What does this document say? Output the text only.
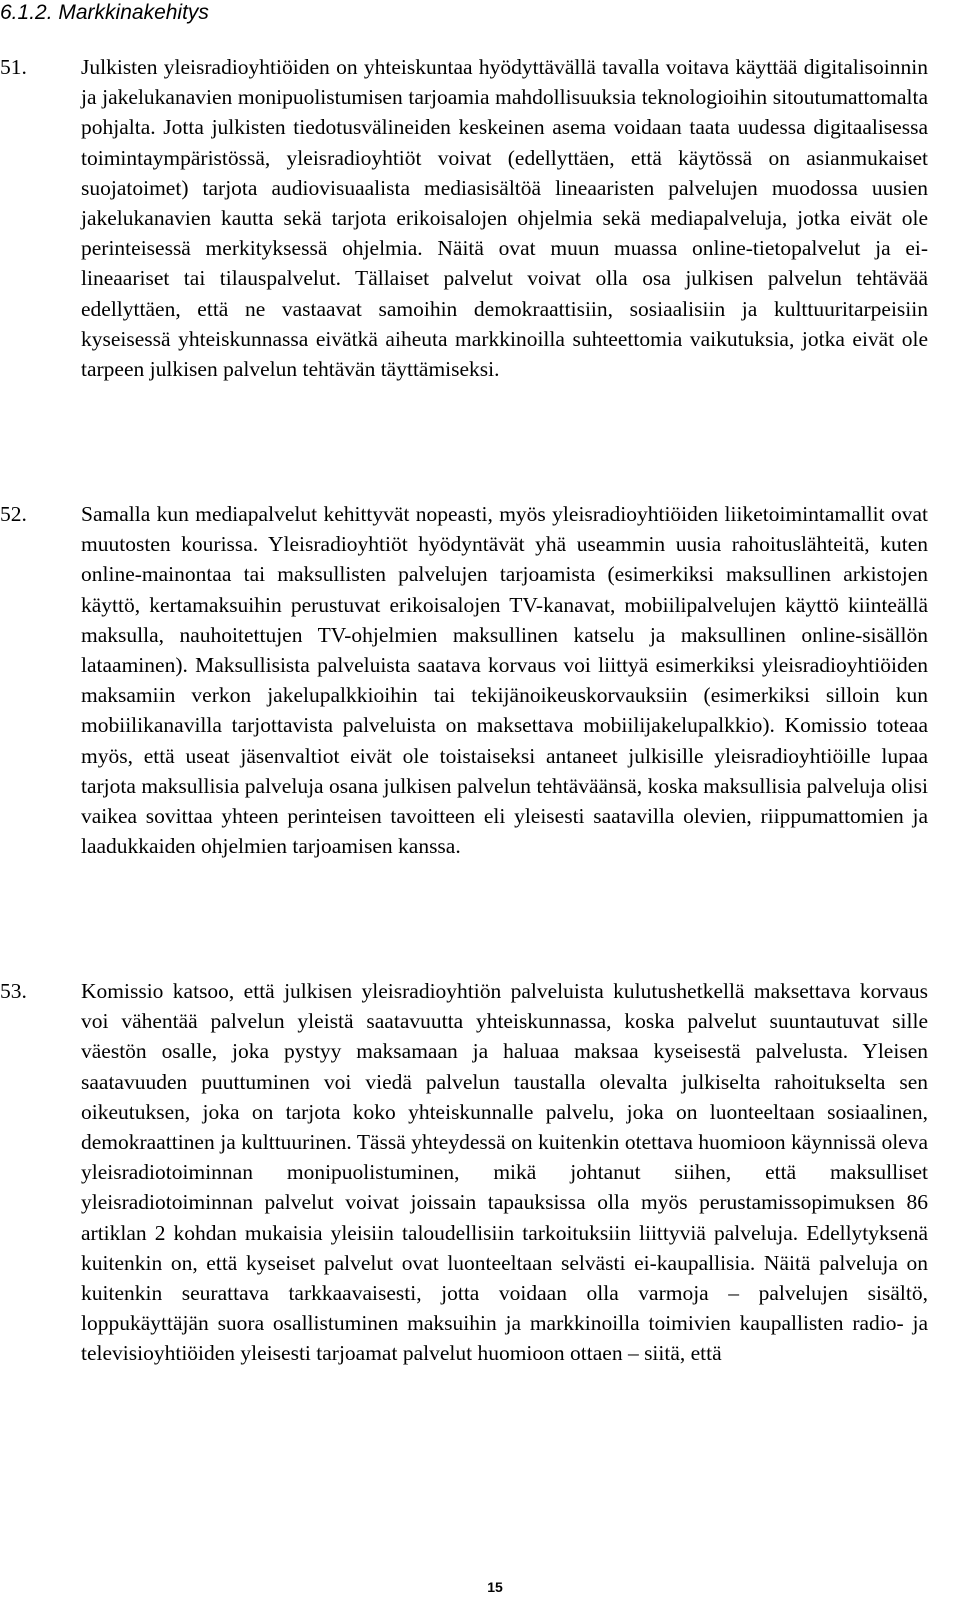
6.1.2. Markkinakehitys
51.	Julkisten yleisradioyhtiöiden on yhteiskuntaa hyödyttävällä tavalla voitava käyttää digitalisoinnin ja jakelukanavien monipuolistumisen tarjoamia mahdollisuuksia teknologioihin sitoutumattomalta pohjalta. Jotta julkisten tiedotusvälineiden keskeinen asema voidaan taata uudessa digitaalisessa toimintaympäristössä, yleisradioyhtiöt voivat (edellyttäen, että käytössä on asianmukaiset suojatoimet) tarjota audiovisuaalista mediasisältöä lineaaristen palvelujen muodossa uusien jakelukanavien kautta sekä tarjota erikoisalojen ohjelmia sekä mediapalveluja, jotka eivät ole perinteisessä merkityksessä ohjelmia. Näitä ovat muun muassa online-tietopalvelut ja ei-lineaariset tai tilauspalvelut. Tällaiset palvelut voivat olla osa julkisen palvelun tehtävää edellyttäen, että ne vastaavat samoihin demokraattisiin, sosiaalisiin ja kulttuuritarpeisiin kyseisessä yhteiskunnassa eivätkä aiheuta markkinoilla suhteettomia vaikutuksia, jotka eivät ole tarpeen julkisen palvelun tehtävän täyttämiseksi.
52.	Samalla kun mediapalvelut kehittyvät nopeasti, myös yleisradioyhtiöiden liiketoimintamallit ovat muutosten kourissa. Yleisradioyhtiöt hyödyntävät yhä useammin uusia rahoituslähteitä, kuten online-mainontaa tai maksullisten palvelujen tarjoamista (esimerkiksi maksullinen arkistojen käyttö, kertamaksuihin perustuvat erikoisalojen TV-kanavat, mobiilipalvelujen käyttö kiinteällä maksulla, nauhoitettujen TV-ohjelmien maksullinen katselu ja maksullinen online-sisällön lataaminen). Maksullisista palveluista saatava korvaus voi liittyä esimerkiksi yleisradioyhtiöiden maksamiin verkon jakelupalkkioihin tai tekijänoikeuskorvauksiin (esimerkiksi silloin kun mobiilikanavilla tarjottavista palveluista on maksettava mobiilijakelupalkkio). Komissio toteaa myös, että useat jäsenvaltiot eivät ole toistaiseksi antaneet julkisille yleisradioyhtiöille lupaa tarjota maksullisia palveluja osana julkisen palvelun tehtäväänsä, koska maksullisia palveluja olisi vaikea sovittaa yhteen perinteisen tavoitteen eli yleisesti saatavilla olevien, riippumattomien ja laadukkaiden ohjelmien tarjoamisen kanssa.
53.	Komissio katsoo, että julkisen yleisradioyhtiön palveluista kulutushetkellä maksettava korvaus voi vähentää palvelun yleistä saatavuutta yhteiskunnassa, koska palvelut suuntautuvat sille väestön osalle, joka pystyy maksamaan ja haluaa maksaa kyseisestä palvelusta. Yleisen saatavuuden puuttuminen voi viedä palvelun taustalla olevalta julkiselta rahoitukselta sen oikeutuksen, joka on tarjota koko yhteiskunnalle palvelu, joka on luonteeltaan sosiaalinen, demokraattinen ja kulttuurinen. Tässä yhteydessä on kuitenkin otettava huomioon käynnissä oleva yleisradiotoiminnan monipuolistuminen, mikä johtanut siihen, että maksulliset yleisradiotoiminnan palvelut voivat joissain tapauksissa olla myös perustamissopimuksen 86 artiklan 2 kohdan mukaisia yleisiin taloudellisiin tarkoituksiin liittyviä palveluja. Edellytyksenä kuitenkin on, että kyseiset palvelut ovat luonteeltaan selvästi ei-kaupallisia. Näitä palveluja on kuitenkin seurattava tarkkaavaisesti, jotta voidaan olla varmoja – palvelujen sisältö, loppukäyttäjän suora osallistuminen maksuihin ja markkinoilla toimivien kaupallisten radio- ja televisioyhtiöiden yleisesti tarjoamat palvelut huomioon ottaen – siitä, että
15
